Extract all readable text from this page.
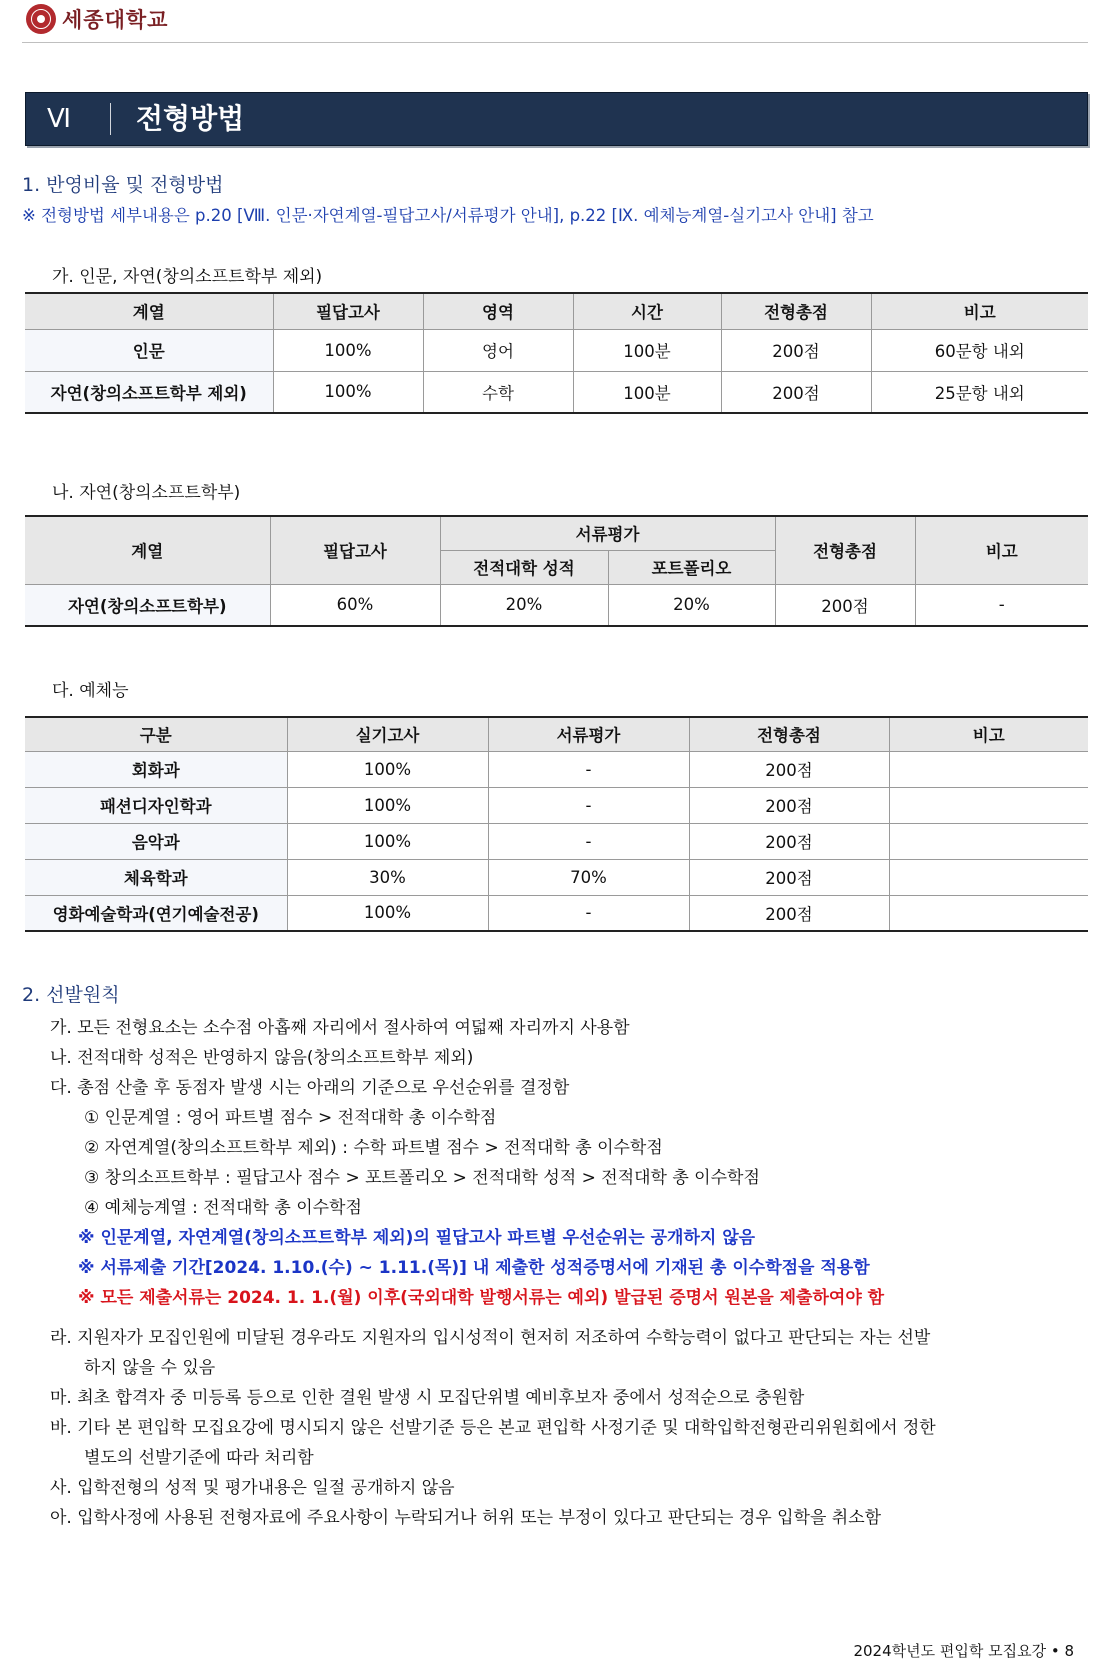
세종대학교
Ⅵ	전형방법
1. 반영비율 및 전형방법
※ 전형방법 세부내용은 p.20 [Ⅷ. 인문·자연계열-필답고사/서류평가 안내], p.22 [Ⅸ. 예체능계열-실기고사 안내] 참고
가. 인문, 자연(창의소프트학부 제외)
계열	필답고사	영역	시간	전형총점	비고
인문	100%	영어	100분	200점	60문항 내외
자연(창의소프트학부 제외)	100%	수학	100분	200점	25문항 내외
나. 자연(창의소프트학부)
계열	필답고사	서류평가		전형총점	비고
		전적대학 성적	포트폴리오		
자연(창의소프트학부)	60%	20%	20%	200점	-
다. 예체능
구분	실기고사	서류평가	전형총점	비고
회화과	100%	-	200점	
패션디자인학과	100%	-	200점	
음악과	100%	-	200점	
체육학과	30%	70%	200점	
영화예술학과(연기예술전공)	100%	-	200점	
2. 선발원칙
가. 모든 전형요소는 소수점 아홉째 자리에서 절사하여 여덟째 자리까지 사용함
나. 전적대학 성적은 반영하지 않음(창의소프트학부 제외)
다. 총점 산출 후 동점자 발생 시는 아래의 기준으로 우선순위를 결정함
① 인문계열 : 영어 파트별 점수 > 전적대학 총 이수학점
② 자연계열(창의소프트학부 제외) : 수학 파트별 점수 > 전적대학 총 이수학점
③ 창의소프트학부 : 필답고사 점수 > 포트폴리오 > 전적대학 성적 > 전적대학 총 이수학점
④ 예체능계열 : 전적대학 총 이수학점
※ 인문계열, 자연계열(창의소프트학부 제외)의 필답고사 파트별 우선순위는 공개하지 않음
※ 서류제출 기간[2024. 1.10.(수) ~ 1.11.(목)] 내 제출한 성적증명서에 기재된 총 이수학점을 적용함
※ 모든 제출서류는 2024. 1. 1.(월) 이후(국외대학 발행서류는 예외) 발급된 증명서 원본을 제출하여야 함
라. 지원자가 모집인원에 미달된 경우라도 지원자의 입시성적이 현저히 저조하여 수학능력이 없다고 판단되는 자는 선발
하지 않을 수 있음
마. 최초 합격자 중 미등록 등으로 인한 결원 발생 시 모집단위별 예비후보자 중에서 성적순으로 충원함
바. 기타 본 편입학 모집요강에 명시되지 않은 선발기준 등은 본교 편입학 사정기준 및 대학입학전형관리위원회에서 정한
별도의 선발기준에 따라 처리함
사. 입학전형의 성적 및 평가내용은 일절 공개하지 않음
아. 입학사정에 사용된 전형자료에 주요사항이 누락되거나 허위 또는 부정이 있다고 판단되는 경우 입학을 취소함
2024학년도 편입학 모집요강 • 8
